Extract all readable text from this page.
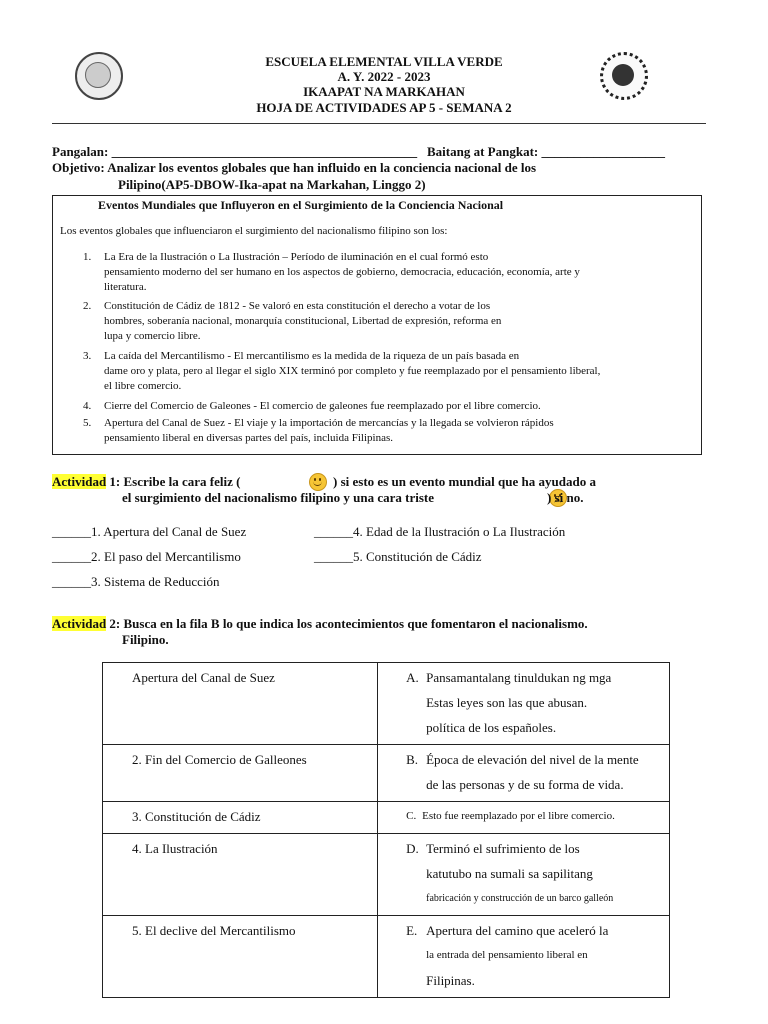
ESCUELA ELEMENTAL VILLA VERDE
A. Y. 2022 - 2023
IKAAPAT NA MARKAHAN
HOJA DE ACTIVIDADES AP 5 - SEMANA 2
Pangalan: _______________________________________________ Baitang at Pangkat: ___________________
Objetivo: Analizar los eventos globales que han influido en la conciencia nacional de los
Pilipino(AP5-DBOW-Ika-apat na Markahan, Linggo 2)
Eventos Mundiales que Influyeron en el Surgimiento de la Conciencia Nacional
Los eventos globales que influenciaron el surgimiento del nacionalismo filipino son los:
1. La Era de la Ilustración o La Ilustración – Período de iluminación en el cual formó esto
pensamiento moderno del ser humano en los aspectos de gobierno, democracia, educación, economía, arte y
literatura.
2. Constitución de Cádiz de 1812 - Se valoró en esta constitución el derecho a votar de los
hombres, soberanía nacional, monarquía constitucional, Libertad de expresión, reforma en
lupa y comercio libre.
3. La caída del Mercantilismo - El mercantilismo es la medida de la riqueza de un país basada en
dame oro y plata, pero al llegar el siglo XIX terminó por completo y fue reemplazado por el pensamiento liberal,
el libre comercio.
4. Cierre del Comercio de Galeones - El comercio de galeones fue reemplazado por el libre comercio.
5. Apertura del Canal de Suez - El viaje y la importación de mercancías y la llegada se volvieron rápidos
pensamiento liberal en diversas partes del país, incluida Filipinas.
Actividad 1: Escribe la cara feliz (
	) si esto es un evento mundial que ha ayudado a
el surgimiento del nacionalismo filipino y una cara triste	) si no.
______1. Apertura del Canal de Suez	______4. Edad de la Ilustración o La Ilustración
______2. El paso del Mercantilismo	______5. Constitución de Cádiz
______3. Sistema de Reducción
Actividad 2: Busca en la fila B lo que indica los acontecimientos que fomentaron el nacionalismo.
Filipino.
Apertura del Canal de Suez	A. Pansamantalang tinuldukan ng mga
Estas leyes son las que abusan.
política de los españoles.

2. Fin del Comercio de Galleones	B. Época de elevación del nivel de la mente
de las personas y de su forma de vida.

3. Constitución de Cádiz	C. Esto fue reemplazado por el libre comercio.

4. La Ilustración	D. Terminó el sufrimiento de los
katutubo na sumali sa sapilitang
fabricación y construcción de un barco galleón

5. El declive del Mercantilismo	E. Apertura del camino que aceleró la
la entrada del pensamiento liberal en
Filipinas.
